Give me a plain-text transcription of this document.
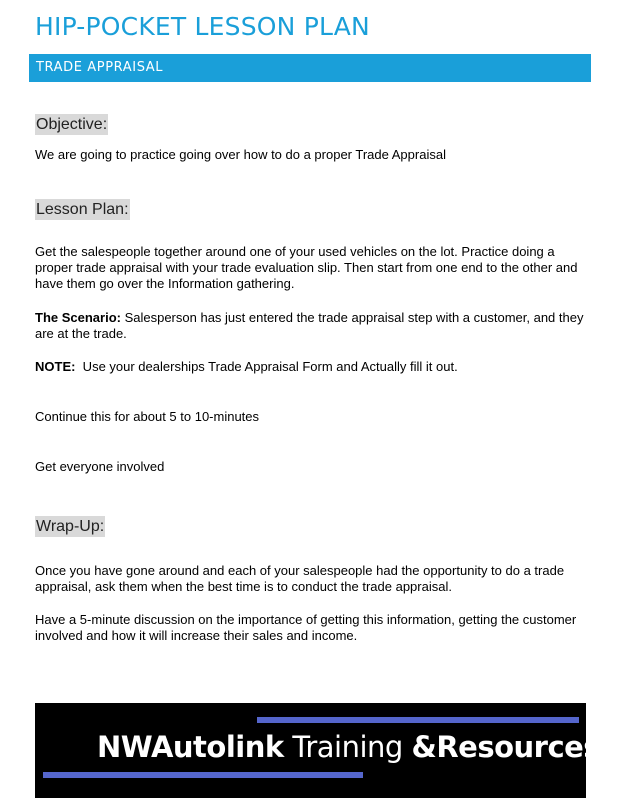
HIP-POCKET LESSON PLAN
TRADE APPRAISAL
Objective:
We are going to practice going over how to do a proper Trade Appraisal
Lesson Plan:
Get the salespeople together around one of your used vehicles on the lot. Practice doing a proper trade appraisal with your trade evaluation slip. Then start from one end to the other and have them go over the Information gathering.
The Scenario: Salesperson has just entered the trade appraisal step with a customer, and they are at the trade.
NOTE:  Use your dealerships Trade Appraisal Form and Actually fill it out.
Continue this for about 5 to 10-minutes
Get everyone involved
Wrap-Up:
Once you have gone around and each of your salespeople had the opportunity to do a trade appraisal, ask them when the best time is to conduct the trade appraisal.
Have a 5-minute discussion on the importance of getting this information, getting the customer involved and how it will increase their sales and income.
NWAutolink Training &Resources
